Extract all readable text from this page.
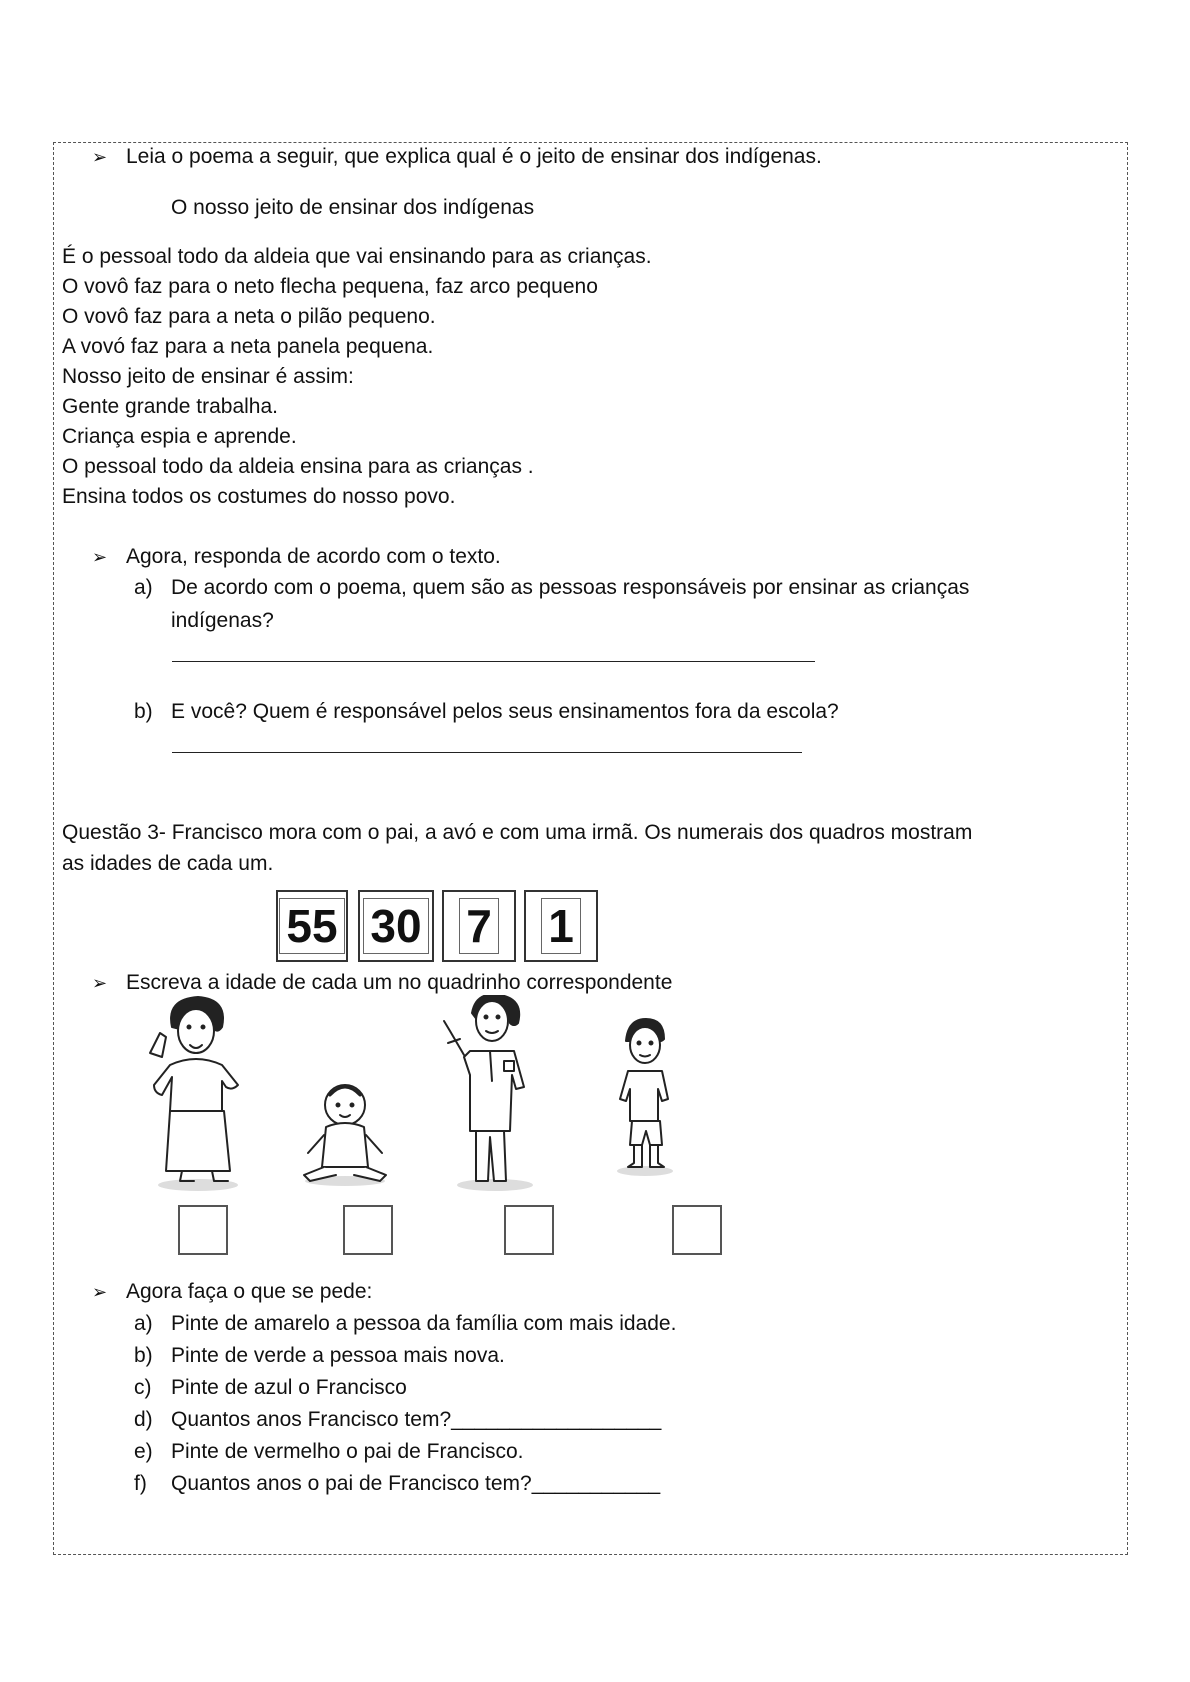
➢ Leia o poema a seguir, que explica qual é o jeito de ensinar dos indígenas.

O nosso jeito de ensinar dos indígenas

É o pessoal todo da aldeia que vai ensinando para as crianças.
O vovô faz para o neto flecha pequena, faz arco pequeno
O vovô faz para a neta o pilão pequeno.
A vovó faz para a neta panela pequena.
Nosso jeito de ensinar é assim:
Gente grande trabalha.
Criança espia e aprende.
O pessoal todo da aldeia ensina para as crianças .
Ensina todos os costumes do nosso povo.
➢ Agora, responda de acordo com o texto.

a) De acordo com o poema, quem são as pessoas responsáveis por ensinar as crianças

indígenas?

b) E você? Quem é responsável pelos seus ensinamentos fora da escola?

Questão 3- Francisco mora com o pai, a avó e com uma irmã. Os numerais dos quadros mostram

as idades de cada um.

55 30 7 1
➢ Escreva a idade de cada um no quadrinho correspondente

➢ Agora faça o que se pede:

a) Pinte de amarelo a pessoa da família com mais idade.
b) Pinte de verde a pessoa mais nova.
c) Pinte de azul o Francisco
d) Quantos anos Francisco tem?__________________
e) Pinte de vermelho o pai de Francisco.
f) Quantos anos o pai de Francisco tem?___________
